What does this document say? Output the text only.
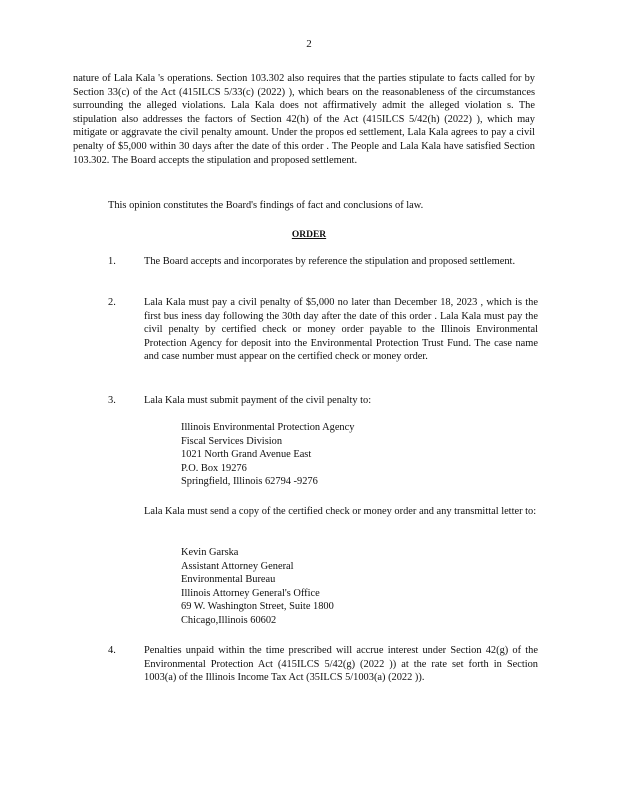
2
nature of Lala Kala 's operations. Section 103.302 also requires that the parties stipulate to facts called for by Section 33(c) of the Act (415ILCS 5/33(c) (2022) ), which bears on the reasonableness of the circumstances surrounding the alleged violations. Lala Kala does not affirmatively admit the alleged violation s. The stipulation also addresses the factors of Section 42(h) of the Act (415ILCS 5/42(h) (2022) ), which may mitigate or aggravate the civil penalty amount. Under the propos ed settlement, Lala Kala agrees to pay a civil penalty of $5,000 within 30 days after the date of this order . The People and Lala Kala have satisfied Section 103.302. The Board accepts the stipulation and proposed settlement.
This opinion constitutes the Board's findings of fact and conclusions of law.
ORDER
1.	The Board accepts and incorporates by reference the stipulation and proposed settlement.
2.	Lala Kala must pay a civil penalty of $5,000 no later than December 18, 2023 , which is the first bus iness day following the 30th day after the date of this order . Lala Kala must pay the civil penalty by certified check or money order payable to the Illinois Environmental Protection Agency for deposit into the Environmental Protection Trust Fund. The case name and case number must appear on the certified check or money order.
3.	Lala Kala must submit payment of the civil penalty to:
Illinois Environmental Protection Agency
Fiscal Services Division
1021 North Grand Avenue East
P.O. Box 19276
Springfield, Illinois 62794 -9276
Lala Kala must send a copy of the certified check or money order and any transmittal letter to:
Kevin Garska
Assistant Attorney General
Environmental Bureau
Illinois Attorney General's Office
69 W. Washington Street, Suite 1800
Chicago,Illinois 60602
4.	Penalties unpaid within the time prescribed will accrue interest under Section 42(g) of the Environmental Protection Act (415ILCS 5/42(g) (2022 )) at the rate set forth in Section 1003(a) of the Illinois Income Tax Act (35ILCS 5/1003(a) (2022 )).
